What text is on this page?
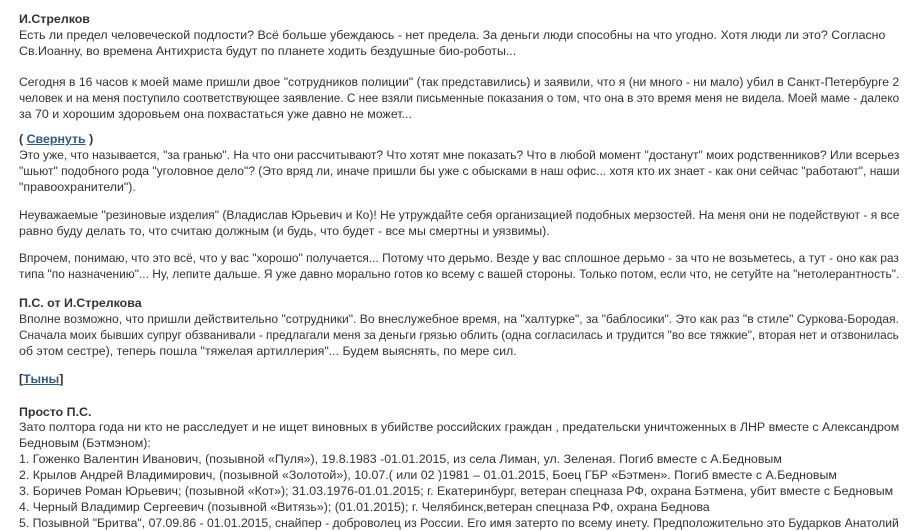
И.Стрелков
Есть ли предел человеческой подлости? Всё больше убеждаюсь - нет предела. За деньги люди способны на что угодно. Хотя люди ли это? Согласно
Св.Иоанну, во времена Антихриста будут по планете ходить бездушные био-роботы...
Сегодня в 16 часов к моей маме пришли двое "сотрудников полиции" (так представились) и заявили, что я (ни много - ни мало) убил в Санкт-Петербурге 2
человек и на меня поступило соответствующее заявление. С нее взяли письменные показания о том, что она в это время меня не видела. Моей маме - далеко
за 70 и хорошим здоровьем она похвастаться уже давно не может...
( Свернуть )
Это уже, что называется, "за гранью". На что они рассчитывают? Что хотят мне показать? Что в любой момент "достанут" моих родственников? Или всерьез
"шьют" подобного рода "уголовное дело"? (Это вряд ли, иначе пришли бы уже с обысками в наш офис... хотя кто их знает - как они сейчас "работают", наши
"правоохранители").
Неуважаемые "резиновые изделия" (Владислав Юрьевич и Ко)! Не утруждайте себя организацией подобных мерзостей. На меня они не подействуют - я все
равно буду делать то, что считаю должным (и будь, что будет - все мы смертны и уязвимы).
Впрочем, понимаю, что это всё, что у вас "хорошо" получается... Потому что дерьмо. Везде у вас сплошное дерьмо - за что не возьметесь, а тут - оно как раз
типа "по назначению"... Ну, лепите дальше. Я уже давно морально готов ко всему с вашей стороны. Только потом, если что, не сетуйте на "нетолерантность".
П.С. от И.Стрелкова
Вполне возможно, что пришли действительно "сотрудники". Во внеслужебное время, на "халтурке", за "баблосики". Это как раз "в стиле" Суркова-Бородая.
Сначала моих бывших супруг обзванивали - предлагали меня за деньги грязью облить (одна согласилась и трудится "во все тяжкие", вторая нет и отзвонилась
об этом сестре), теперь пошла "тяжелая артиллерия"... Будем выяснять, по мере сил.
[Тыны]
Просто П.С.
Зато полтора года ни кто не расследует и не ищет виновных в убийстве российских граждан , предательски уничтоженных в ЛНР вместе с Александром
Бедновым (Бэтмэном):
1. Гоженко Валентин Иванович, (позывной «Пуля»), 19.8.1983 -01.01.2015, из села Лиман, ул. Зеленая. Погиб вместе с А.Беднoвым
2. Крылов Андрей Владимирович, (позывной «Золотой»), 10.07.( или 02 )1981 – 01.01.2015, Боец ГБР «Бэтмен». Погиб вместе с А.Беднoвым
3. Боричев Роман Юрьевич; (позывной «Кот»); 31.03.1976-01.01.2015; г. Екатеринбург, ветеран спецназа РФ, охрана Бэтмена, убит вместе с Бедновым
4. Черный Владимир Сергеевич (позывной «Витязь»); (01.01.2015); г. Челябинск,ветеран спецназа РФ, охрана Беднова
5. Позывной "Бритва", 07.09.86 - 01.01.2015, снайпер - доброволец из России. Его имя затерто по всему инету. Предположительно это Бударков Анатолий
